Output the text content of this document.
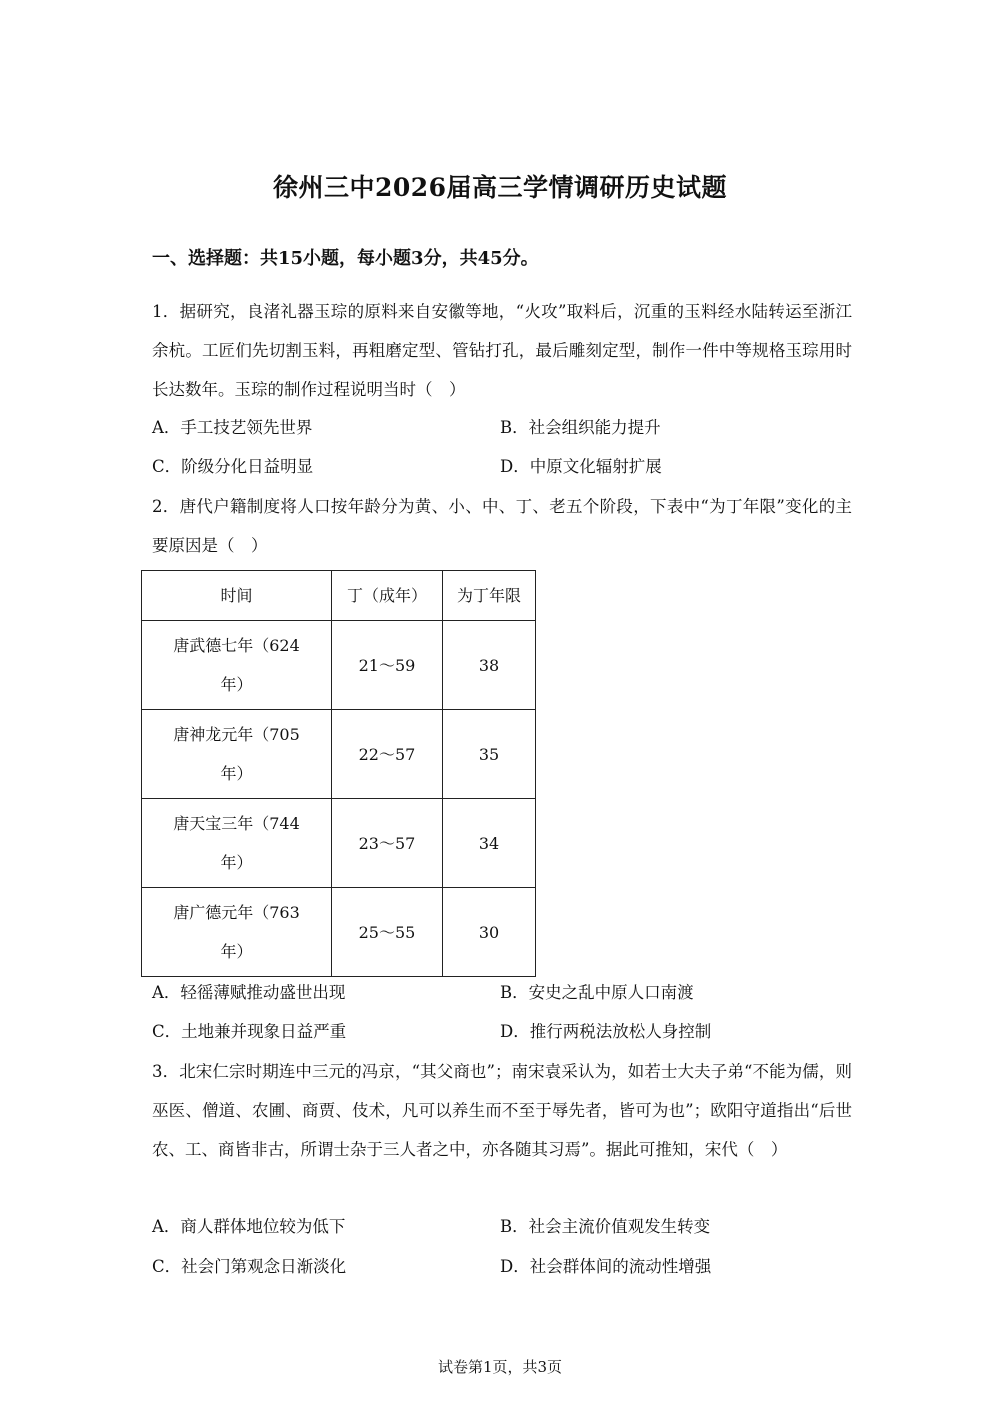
徐州三中2026届高三学情调研历史试题
一、选择题：共15小题，每小题3分，共45分。
1．据研究，良渚礼器玉琮的原料来自安徽等地，“火攻”取料后，沉重的玉料经水陆转运至浙江余杭。工匠们先切割玉料，再粗磨定型、管钻打孔，最后雕刻定型，制作一件中等规格玉琮用时长达数年。玉琮的制作过程说明当时（　）
A．手工技艺领先世界	B．社会组织能力提升
C．阶级分化日益明显	D．中原文化辐射扩展
2．唐代户籍制度将人口按年龄分为黄、小、中、丁、老五个阶段，下表中“为丁年限”变化的主要原因是（　）
时间	丁（成年）	为丁年限

唐武德七年（624年）	21～59	38

唐神龙元年（705年）	22～57	35

唐天宝三年（744年）	23～57	34

唐广德元年（763年）	25～55	30
A．轻徭薄赋推动盛世出现	B．安史之乱中原人口南渡
C．土地兼并现象日益严重	D．推行两税法放松人身控制
3．北宋仁宗时期连中三元的冯京，“其父商也”；南宋袁采认为，如若士大夫子弟“不能为儒，则巫医、僧道、农圃、商贾、伎术，凡可以养生而不至于辱先者，皆可为也”；欧阳守道指出“后世农、工、商皆非古，所谓士杂于三人者之中，亦各随其习焉”。据此可推知，宋代（　）
A．商人群体地位较为低下	B．社会主流价值观发生转变
C．社会门第观念日渐淡化	D．社会群体间的流动性增强
试卷第1页，共3页
